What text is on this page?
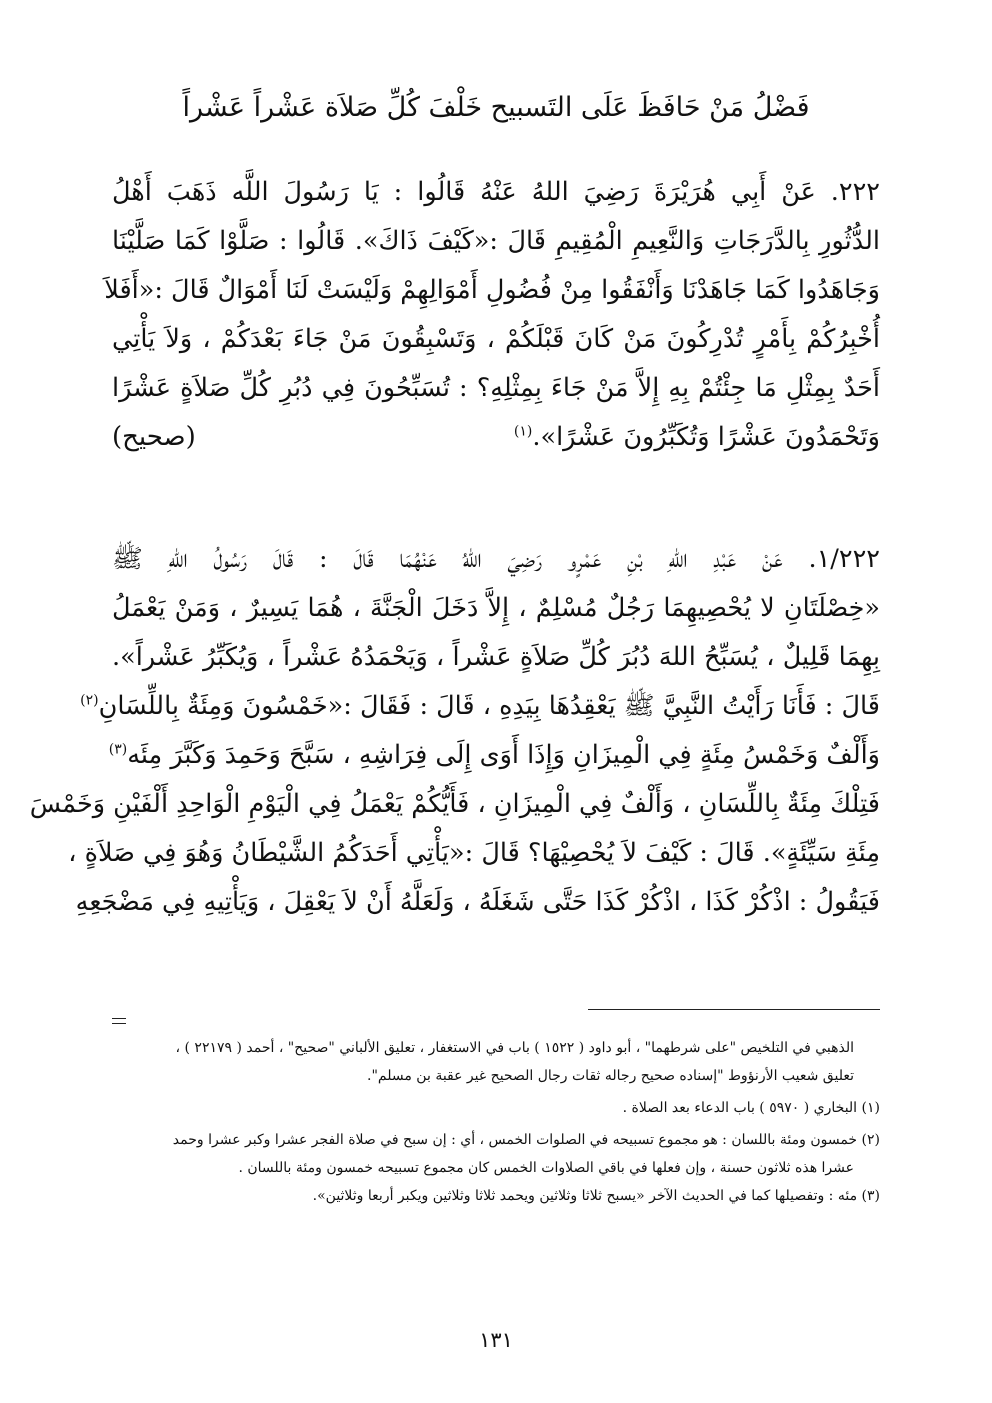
فَضْلُ مَنْ حَافَظَ عَلَى التَسبيح خَلْفَ كُلِّ صَلاَة عَشْراً عَشْراً
٢٢٢. عَنْ أَبِي هُرَيْرَةَ رَضِيَ اللهُ عَنْهُ قَالُوا : يَا رَسُولَ اللَّه ذَهَبَ أَهْلُ
الدُّثُورِ بِالدَّرَجَاتِ وَالنَّعِيمِ الْمُقِيمِ قَالَ :«كَيْفَ ذَاكَ». قَالُوا : صَلَّوْا كَمَا صَلَّيْنَا
وَجَاهَدُوا كَمَا جَاهَدْنَا وَأَنْفَقُوا مِنْ فُضُولِ أَمْوَالِهِمْ وَلَيْسَتْ لَنَا أَمْوَالٌ قَالَ :«أَفَلاَ
أُخْبِرُكُمْ بِأَمْرٍ تُدْرِكُونَ مَنْ كَانَ قَبْلَكُمْ ، وَتَسْبِقُونَ مَنْ جَاءَ بَعْدَكُمْ ، وَلاَ يَأْتِي
أَحَدٌ بِمِثْلِ مَا جِئْتُمْ بِهِ إِلاَّ مَنْ جَاءَ بِمِثْلِهِ؟ : تُسَبِّحُونَ فِي دُبُرِ كُلِّ صَلاَةٍ عَشْرًا
وَتَحْمَدُونَ عَشْرًا وَتُكَبِّرُونَ عَشْرًا».$^{(١)}$
(صحيح)
١/٢٢٢. عَنْ عَبْدِ اللهِ بْنِ عَمْرٍو رَضِيَ اللهُ عَنْهُمَا قَالَ : قَالَ رَسُولُ اللهِ ﷺ
«خِصْلَتَانِ لا يُحْصِيهِمَا رَجُلٌ مُسْلِمٌ ، إِلاَّ دَخَلَ الْجَنَّةَ ، هُمَا يَسِيرٌ ، وَمَنْ يَعْمَلُ
بِهِمَا قَلِيلٌ ، يُسَبِّحُ اللهَ دُبُرَ كُلِّ صَلاَةٍ عَشْراً ، وَيَحْمَدُهُ عَشْراً ، وَيُكَبِّرُ عَشْراً».
قَالَ : فَأَنَا رَأَيْتُ النَّبِيَّ ﷺ يَعْقِدُهَا بِيَدِهِ ، قَالَ : فَقَالَ :«خَمْسُونَ وَمِئَةٌ بِاللِّسَانِ$^{(٢)}$
وَأَلْفٌ وَخَمْسُ مِئَةٍ فِي الْمِيزَانِ وَإِذَا أَوَى إِلَى فِرَاشِهِ ، سَبَّحَ وَحَمِدَ وَكَبَّرَ مِئَه$^{(٣)}$
فَتِلْكَ مِئَةٌ بِاللِّسَانِ ، وَأَلْفٌ فِي الْمِيزَانِ ، فَأَيُّكُمْ يَعْمَلُ فِي الْيَوْمِ الْوَاحِدِ أَلْفَيْنِ وَخَمْسَ
مِئَةِ سَيِّئَةٍ». قَالَ : كَيْفَ لاَ يُحْصِيْهَا؟ قَالَ :«يَأْتِي أَحَدَكُمُ الشَّيْطَانُ وَهُوَ فِي صَلاَةٍ ،
فَيَقُولُ : اذْكُرْ كَذَا ، اذْكُرْ كَذَا حَتَّى شَغَلَهُ ، وَلَعَلَّهُ أَنْ لاَ يَعْقِلَ ، وَيَأْتِيهِ فِي مَضْجَعِهِ
الذهبي في التلخيص "على شرطهما" ، أبو داود ( ١٥٢٢ ) باب في الاستغفار ، تعليق الألباني "صحيح" ، أحمد ( ٢٢١٧٩ ) ،
تعليق شعيب الأرنؤوط "إسناده صحيح رجاله ثقات رجال الصحيح غير عقبة بن مسلم".
(١) البخاري ( ٥٩٧٠ ) باب الدعاء بعد الصلاة .
(٢) خمسون ومئة باللسان : هو مجموع تسبيحه في الصلوات الخمس ، أي : إن سبح في صلاة الفجر عشرا وكبر عشرا وحمد
عشرا هذه ثلاثون حسنة ، وإن فعلها في باقي الصلاوات الخمس كان مجموع تسبيحه خمسون ومئة باللسان .
(٣) مئه : وتفصيلها كما في الحديث الآخر «يسبح ثلاثا وثلاثين ويحمد ثلاثا وثلاثين ويكبر أربعا وثلاثين».
١٣١
